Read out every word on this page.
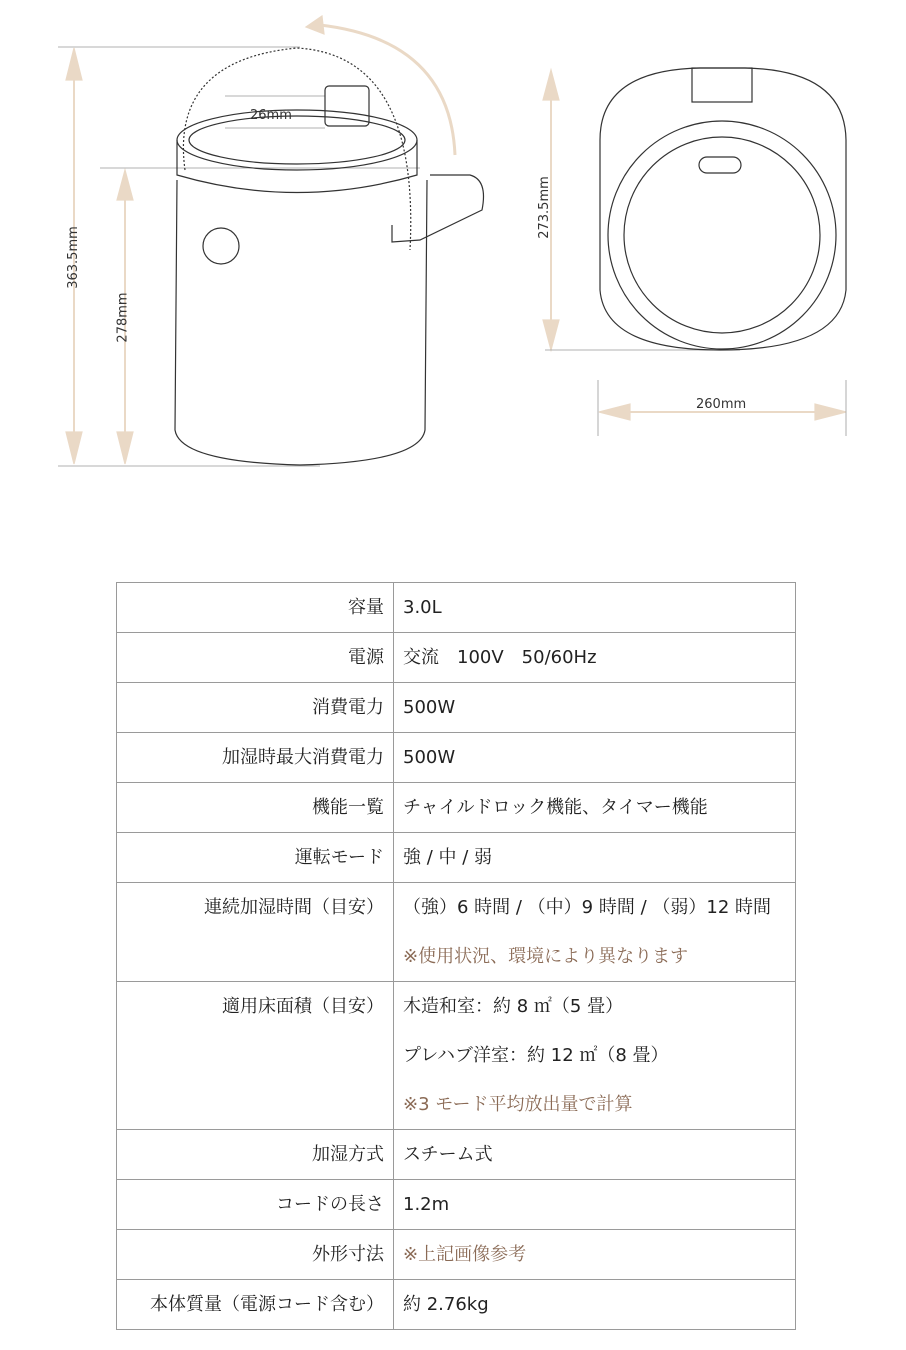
363.5mm
278mm
26mm
273.5mm
260mm
容量	3.0L

電源	交流　100V　50/60Hz

消費電力	500W

加湿時最大消費電力	500W

機能一覧	チャイルドロック機能、タイマー機能

運転モード	強 / 中 / 弱

連続加湿時間（目安）	（強）6 時間 / （中）9 時間 / （弱）12 時間
※使用状況、環境により異なります

適用床面積（目安）	木造和室：約 8 ㎡（5 畳）
プレハブ洋室：約 12 ㎡（8 畳）
※3 モード平均放出量で計算

加湿方式	スチーム式

コードの長さ	1.2m

外形寸法	※上記画像参考

本体質量（電源コード含む）	約 2.76kg
